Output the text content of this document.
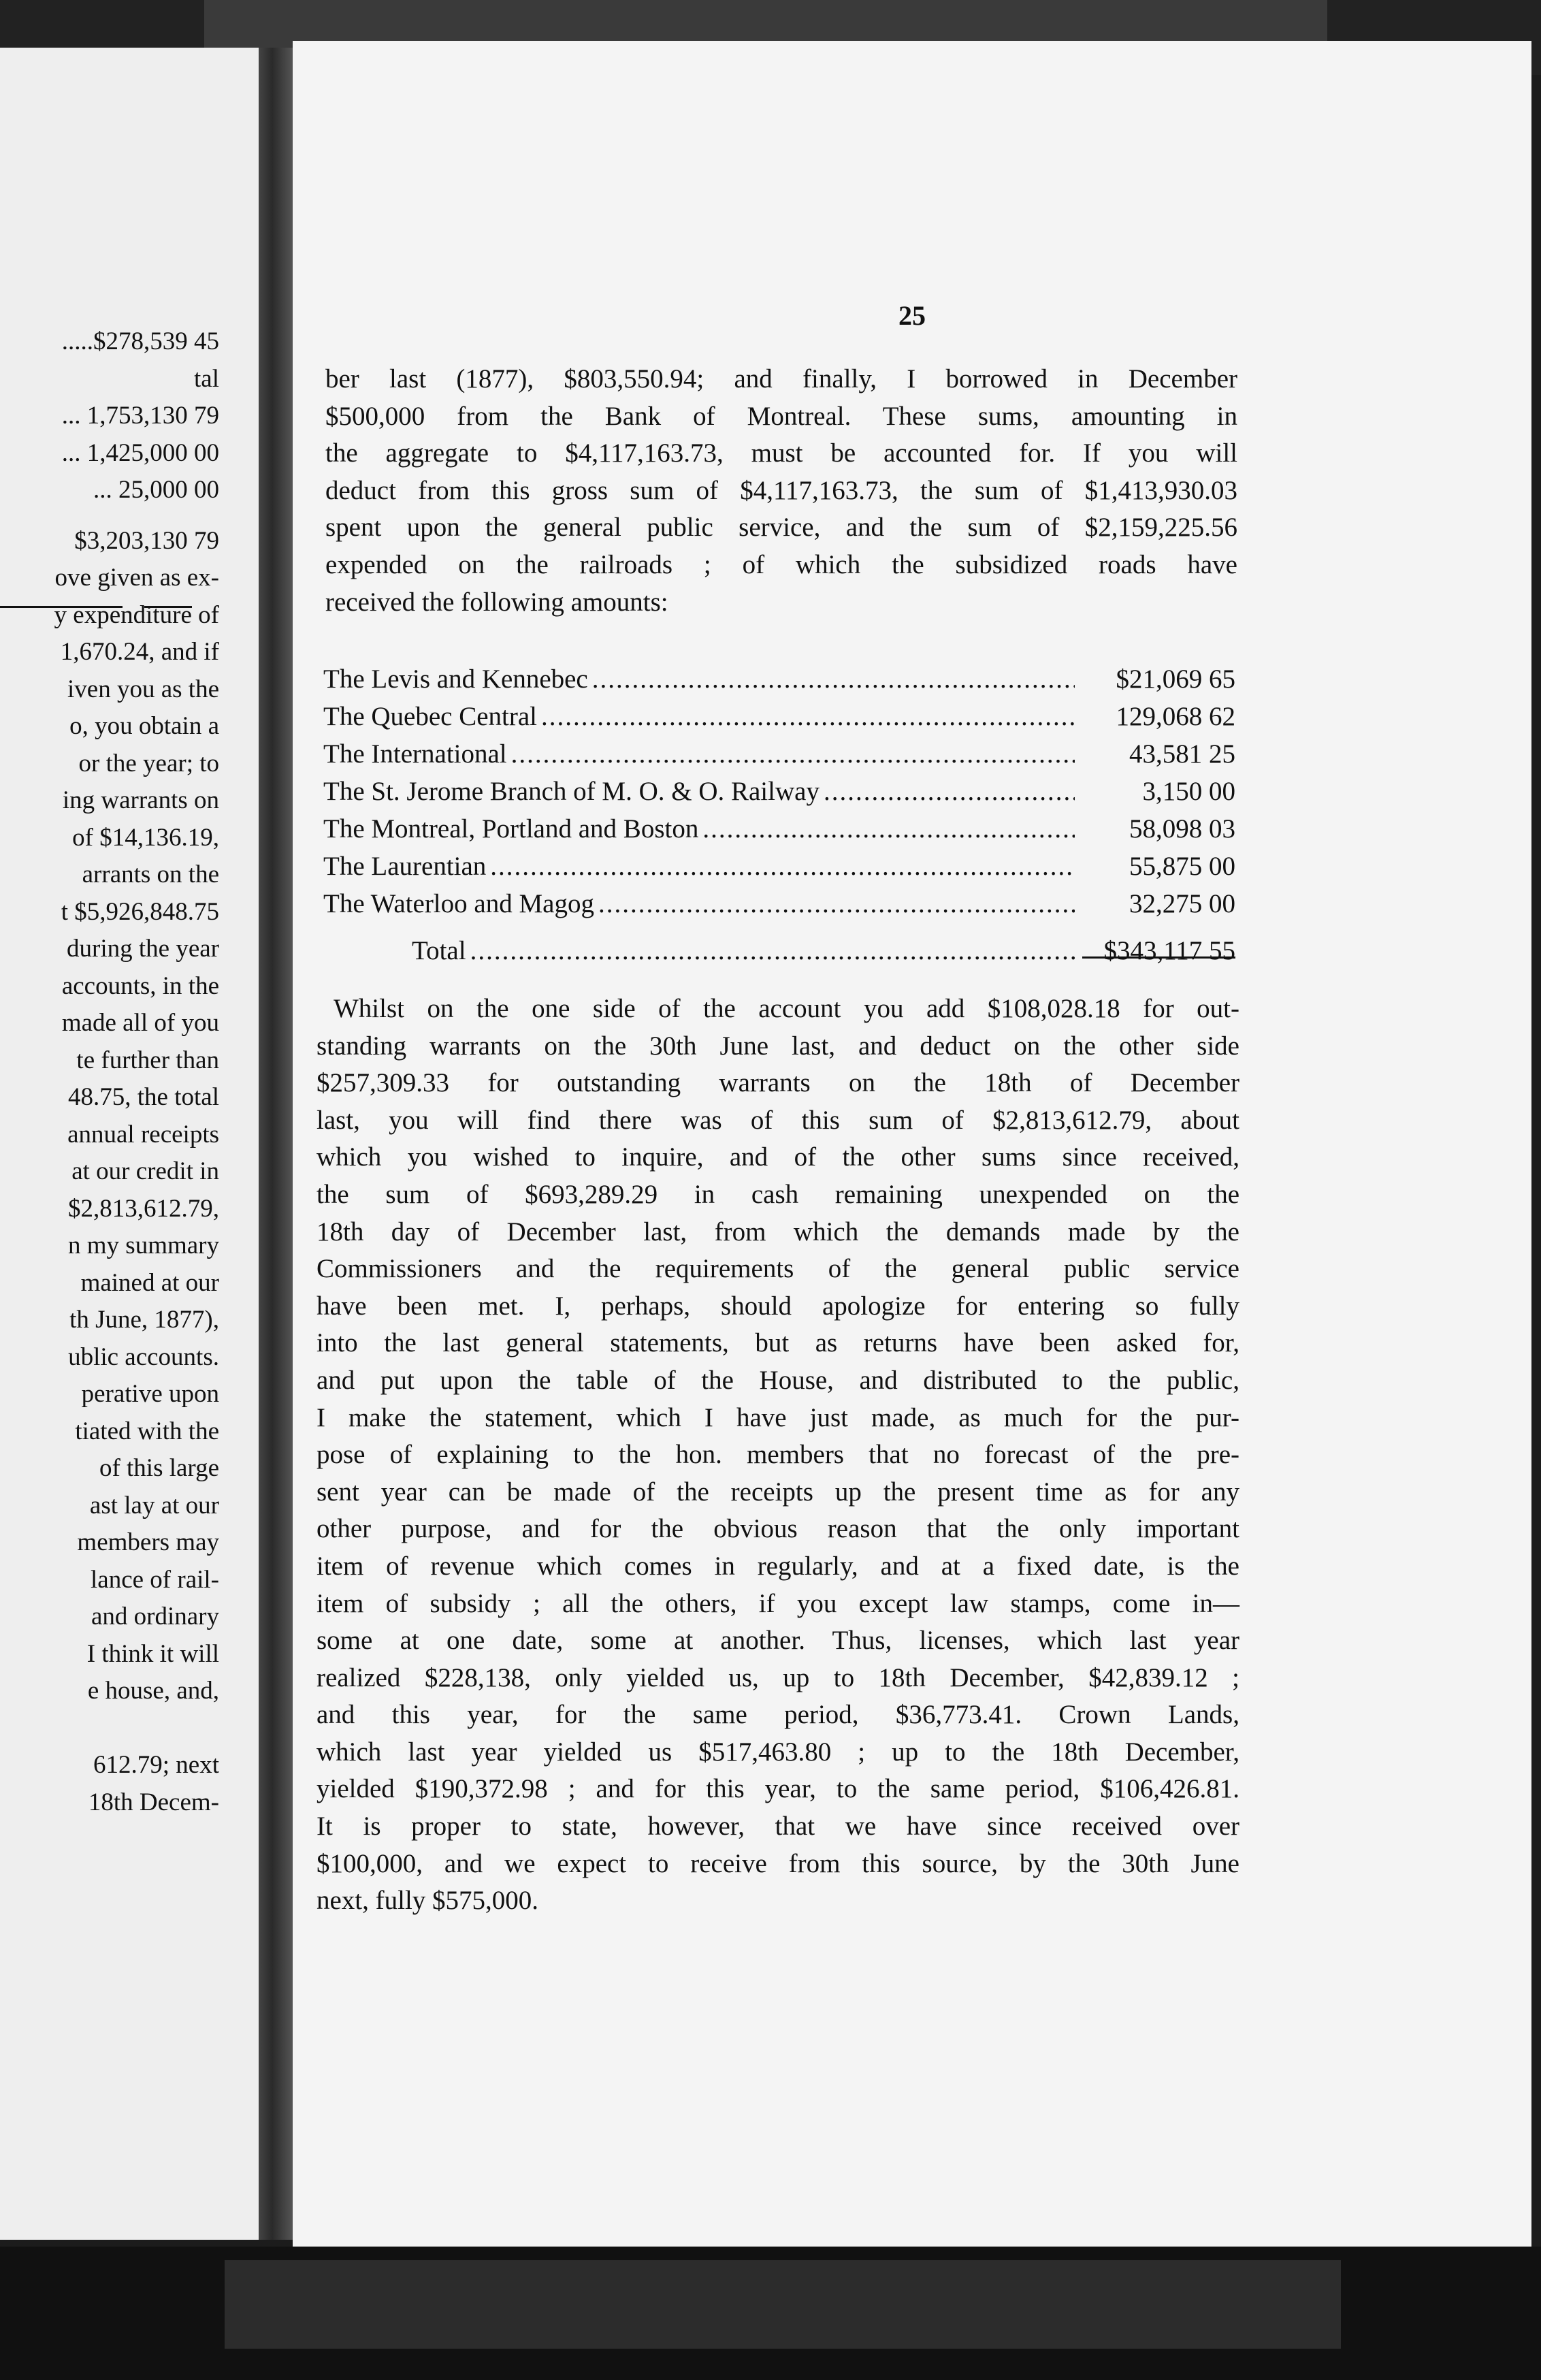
.....$278,539 45
tal
... 1,753,130 79
... 1,425,000 00
... 25,000 00
$3,203,130 79
ove given as ex-
y expenditure of
1,670.24, and if
iven you as the
o, you obtain a
or the year; to
ing warrants on
of $14,136.19,
arrants on the
t $5,926,848.75
during the year
accounts, in the
made all of you
te further than
48.75, the total
annual receipts
at our credit in
$2,813,612.79,
n my summary
mained at our
th June, 1877),
ublic accounts.
perative upon
tiated with the
of this large
ast lay at our
members may
lance of rail-
and ordinary
I think it will
e house, and,

612.79; next
18th Decem-
25
ber last (1877), $803,550.94; and finally, I borrowed in December
$500,000 from the Bank of Montreal. These sums, amounting in
the aggregate to $4,117,163.73, must be accounted for. If you will
deduct from this gross sum of $4,117,163.73, the sum of $1,413,930.03
spent upon the general public service, and the sum of $2,159,225.56
expended on the railroads ; of which the subsidized roads have
received the following amounts:
The Levis and Kennebec .....	$21,069 65
The Quebec Central .....	129,068 62
The International .....	43,581 25
The St. Jerome Branch of M. O. & O. Railway .....	3,150 00
The Montreal, Portland and Boston .....	58,098 03
The Laurentian .....	55,875 00
The Waterloo and Magog .....	32,275 00
Total .....	$343,117 55
Whilst on the one side of the account you add $108,028.18 for out-
standing warrants on the 30th June last, and deduct on the other side
$257,309.33 for outstanding warrants on the 18th of December
last, you will find there was of this sum of $2,813,612.79, about
which you wished to inquire, and of the other sums since received,
the sum of $693,289.29 in cash remaining unexpended on the
18th day of December last, from which the demands made by the
Commissioners and the requirements of the general public service
have been met. I, perhaps, should apologize for entering so fully
into the last general statements, but as returns have been asked for,
and put upon the table of the House, and distributed to the public,
I make the statement, which I have just made, as much for the pur-
pose of explaining to the hon. members that no forecast of the pre-
sent year can be made of the receipts up the present time as for any
other purpose, and for the obvious reason that the only important
item of revenue which comes in regularly, and at a fixed date, is the
item of subsidy ; all the others, if you except law stamps, come in—
some at one date, some at another. Thus, licenses, which last year
realized $228,138, only yielded us, up to 18th December, $42,839.12 ;
and this year, for the same period, $36,773.41. Crown Lands,
which last year yielded us $517,463.80 ; up to the 18th December,
yielded $190,372.98 ; and for this year, to the same period, $106,426.81.
It is proper to state, however, that we have since received over
$100,000, and we expect to receive from this source, by the 30th June
next, fully $575,000.
